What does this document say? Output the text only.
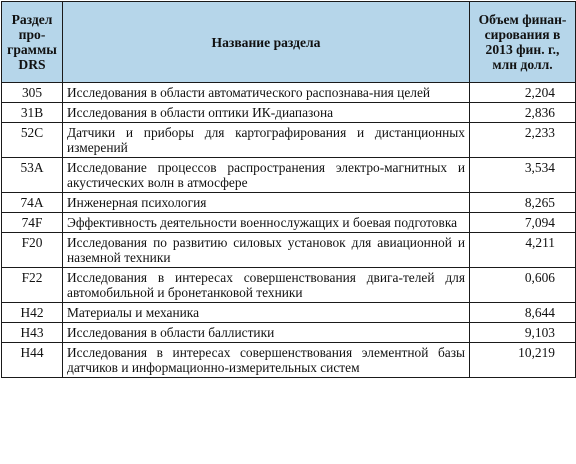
Раздел
про-
граммы
DRS	Название раздела	Объем финан-
сирования в
2013 фин. г.,
млн долл.

305	Исследования в области автоматического распознава-ния целей	2,204
31B	Исследования в области оптики ИК-диапазона	2,836
52C	Датчики и приборы для картографирования и дистанционных измерений	2,233
53A	Исследование процессов распространения электро-магнитных и акустических волн в атмосфере	3,534
74A	Инженерная психология	8,265
74F	Эффективность деятельности военнослужащих и боевая подготовка	7,094
F20	Исследования по развитию силовых установок для авиационной и наземной техники	4,211
F22	Исследования в интересах совершенствования двига-телей для автомобильной и бронетанковой техники	0,606
H42	Материалы и механика	8,644
H43	Исследования в области баллистики	9,103
H44	Исследования в интересах совершенствования элементной базы датчиков и информационно-измерительных систем	10,219
